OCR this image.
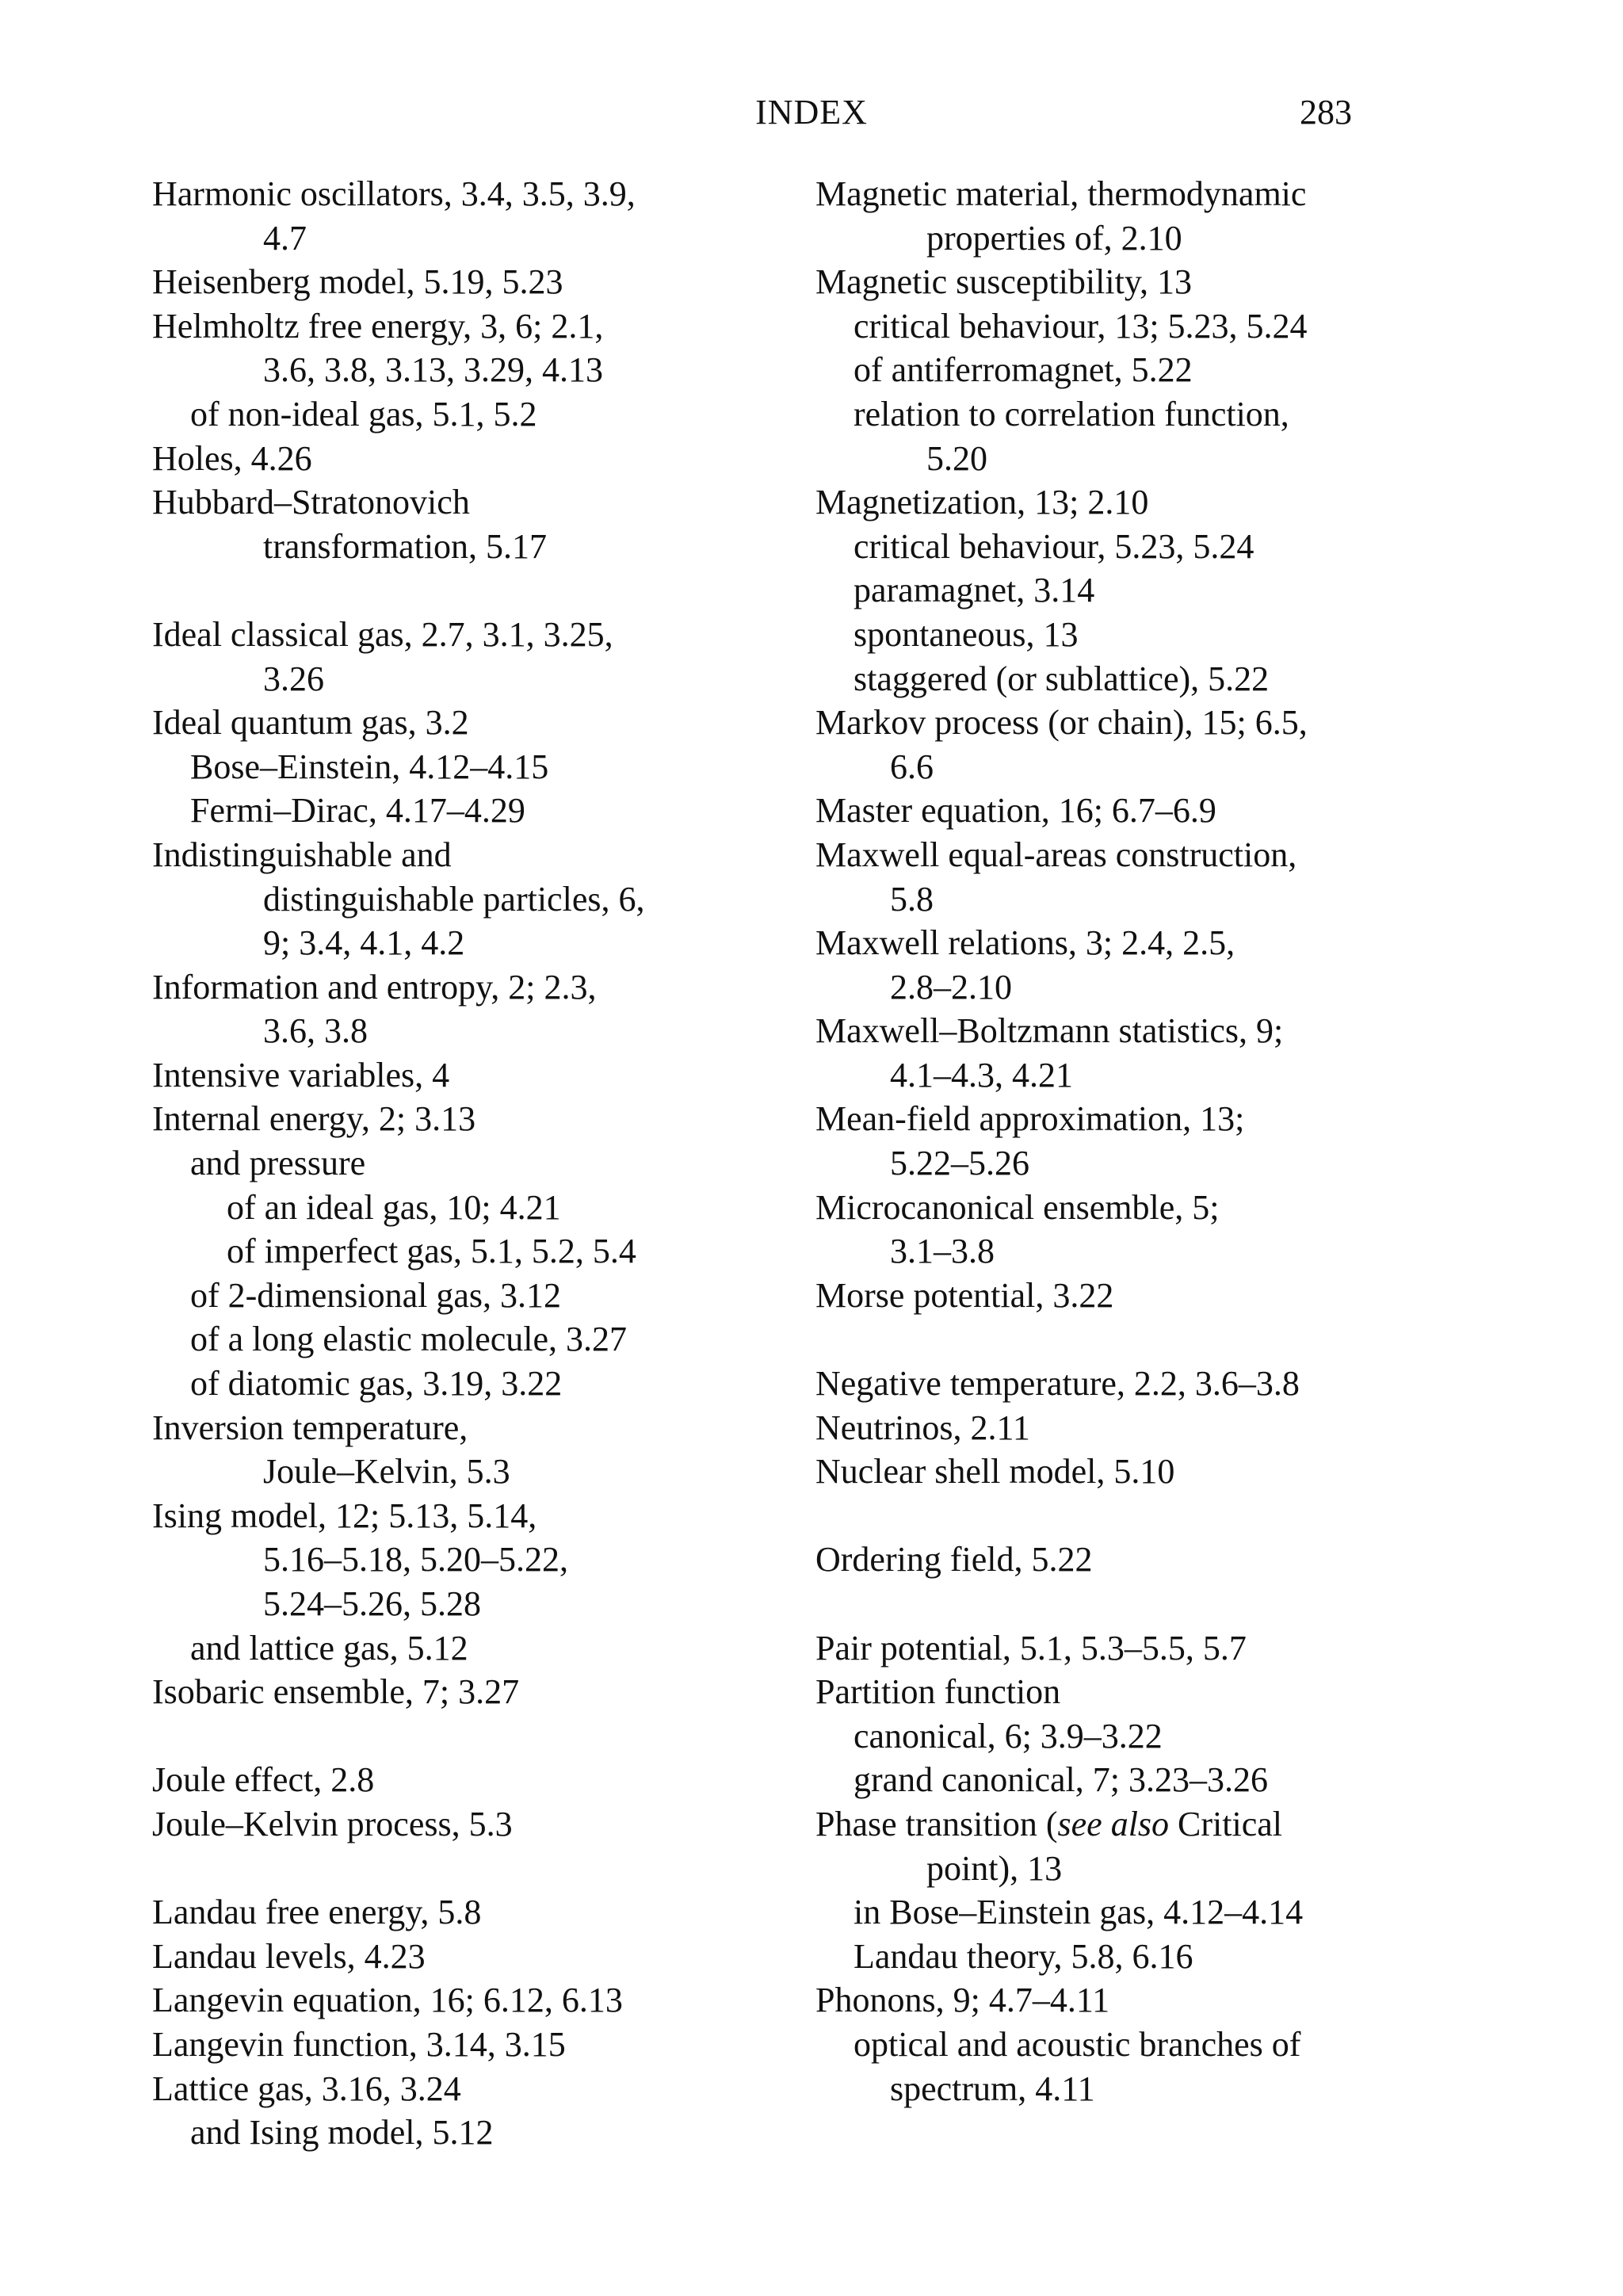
INDEX	283
Harmonic oscillators, 3.4, 3.5, 3.9,
4.7
Heisenberg model, 5.19, 5.23
Helmholtz free energy, 3, 6; 2.1,
3.6, 3.8, 3.13, 3.29, 4.13
of non-ideal gas, 5.1, 5.2
Holes, 4.26
Hubbard–Stratonovich
transformation, 5.17
Ideal classical gas, 2.7, 3.1, 3.25,
3.26
Ideal quantum gas, 3.2
Bose–Einstein, 4.12–4.15
Fermi–Dirac, 4.17–4.29
Indistinguishable and
distinguishable particles, 6,
9; 3.4, 4.1, 4.2
Information and entropy, 2; 2.3,
3.6, 3.8
Intensive variables, 4
Internal energy, 2; 3.13
and pressure
of an ideal gas, 10; 4.21
of imperfect gas, 5.1, 5.2, 5.4
of 2-dimensional gas, 3.12
of a long elastic molecule, 3.27
of diatomic gas, 3.19, 3.22
Inversion temperature,
Joule–Kelvin, 5.3
Ising model, 12; 5.13, 5.14,
5.16–5.18, 5.20–5.22,
5.24–5.26, 5.28
and lattice gas, 5.12
Isobaric ensemble, 7; 3.27
Joule effect, 2.8
Joule–Kelvin process, 5.3
Landau free energy, 5.8
Landau levels, 4.23
Langevin equation, 16; 6.12, 6.13
Langevin function, 3.14, 3.15
Lattice gas, 3.16, 3.24
and Ising model, 5.12
Magnetic material, thermodynamic
properties of, 2.10
Magnetic susceptibility, 13
critical behaviour, 13; 5.23, 5.24
of antiferromagnet, 5.22
relation to correlation function,
5.20
Magnetization, 13; 2.10
critical behaviour, 5.23, 5.24
paramagnet, 3.14
spontaneous, 13
staggered (or sublattice), 5.22
Markov process (or chain), 15; 6.5,
6.6
Master equation, 16; 6.7–6.9
Maxwell equal-areas construction,
5.8
Maxwell relations, 3; 2.4, 2.5,
2.8–2.10
Maxwell–Boltzmann statistics, 9;
4.1–4.3, 4.21
Mean-field approximation, 13;
5.22–5.26
Microcanonical ensemble, 5;
3.1–3.8
Morse potential, 3.22
Negative temperature, 2.2, 3.6–3.8
Neutrinos, 2.11
Nuclear shell model, 5.10
Ordering field, 5.22
Pair potential, 5.1, 5.3–5.5, 5.7
Partition function
canonical, 6; 3.9–3.22
grand canonical, 7; 3.23–3.26
Phase transition (see also Critical
point), 13
in Bose–Einstein gas, 4.12–4.14
Landau theory, 5.8, 6.16
Phonons, 9; 4.7–4.11
optical and acoustic branches of
spectrum, 4.11
